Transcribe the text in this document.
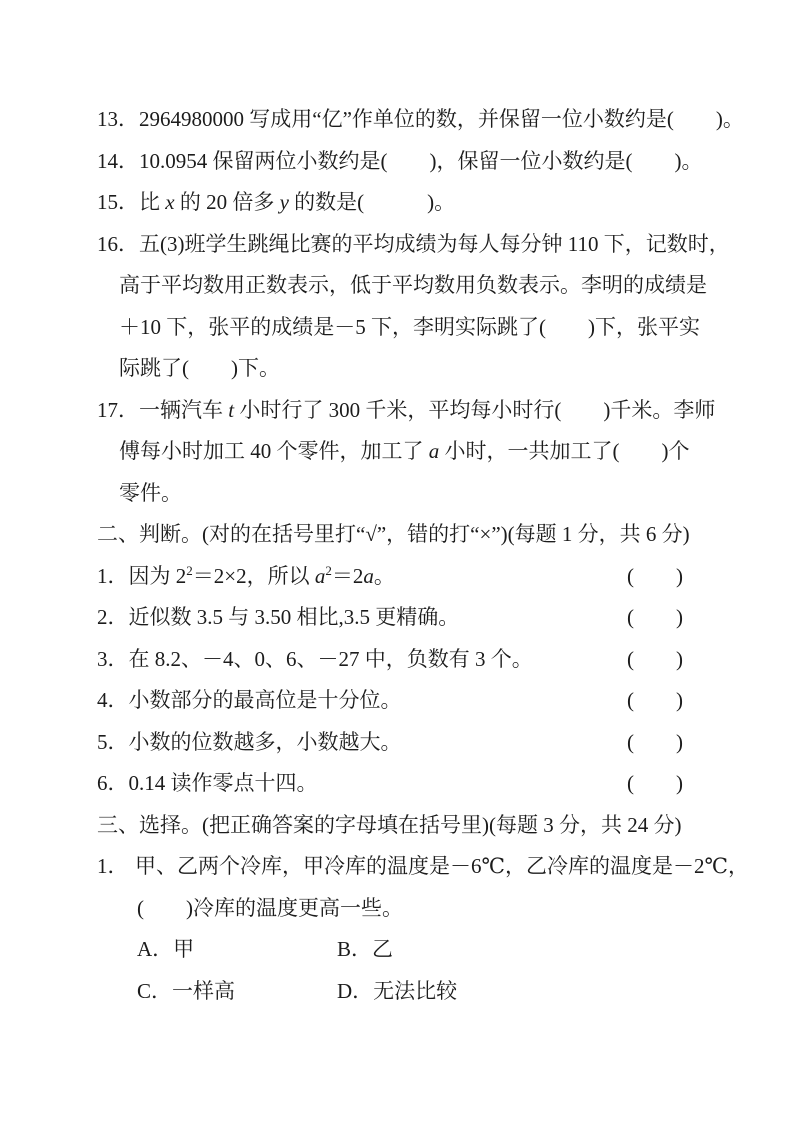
13．2964980000 写成用“亿”作单位的数，并保留一位小数约是(　　)。
14．10.0954 保留两位小数约是(　　)，保留一位小数约是(　　)。
15．比 x 的 20 倍多 y 的数是(　　　)。
16．五(3)班学生跳绳比赛的平均成绩为每人每分钟 110 下，记数时，
高于平均数用正数表示，低于平均数用负数表示。李明的成绩是
＋10 下，张平的成绩是－5 下，李明实际跳了(　　)下，张平实
际跳了(　　)下。
17．一辆汽车 t 小时行了 300 千米，平均每小时行(　　)千米。李师
傅每小时加工 40 个零件，加工了 a 小时，一共加工了(　　)个
零件。
二、判断。(对的在括号里打“√”，错的打“×”)(每题 1 分，共 6 分)
1．因为 $2^2=2\times 2$，所以 $a^2=2a$。	(　　)
2．近似数 3.5 与 3.50 相比,3.5 更精确。	(　　)
3．在 8.2、－4、0、6、－27 中，负数有 3 个。	(　　)
4．小数部分的最高位是十分位。	(　　)
5．小数的位数越多，小数越大。	(　　)
6．0.14 读作零点十四。	(　　)
三、选择。(把正确答案的字母填在括号里)(每题 3 分，共 24 分)
1． 甲、乙两个冷库，甲冷库的温度是－6℃，乙冷库的温度是－2℃，
(　　)冷库的温度更高一些。
A．甲	B．乙
C．一样高	D．无法比较
